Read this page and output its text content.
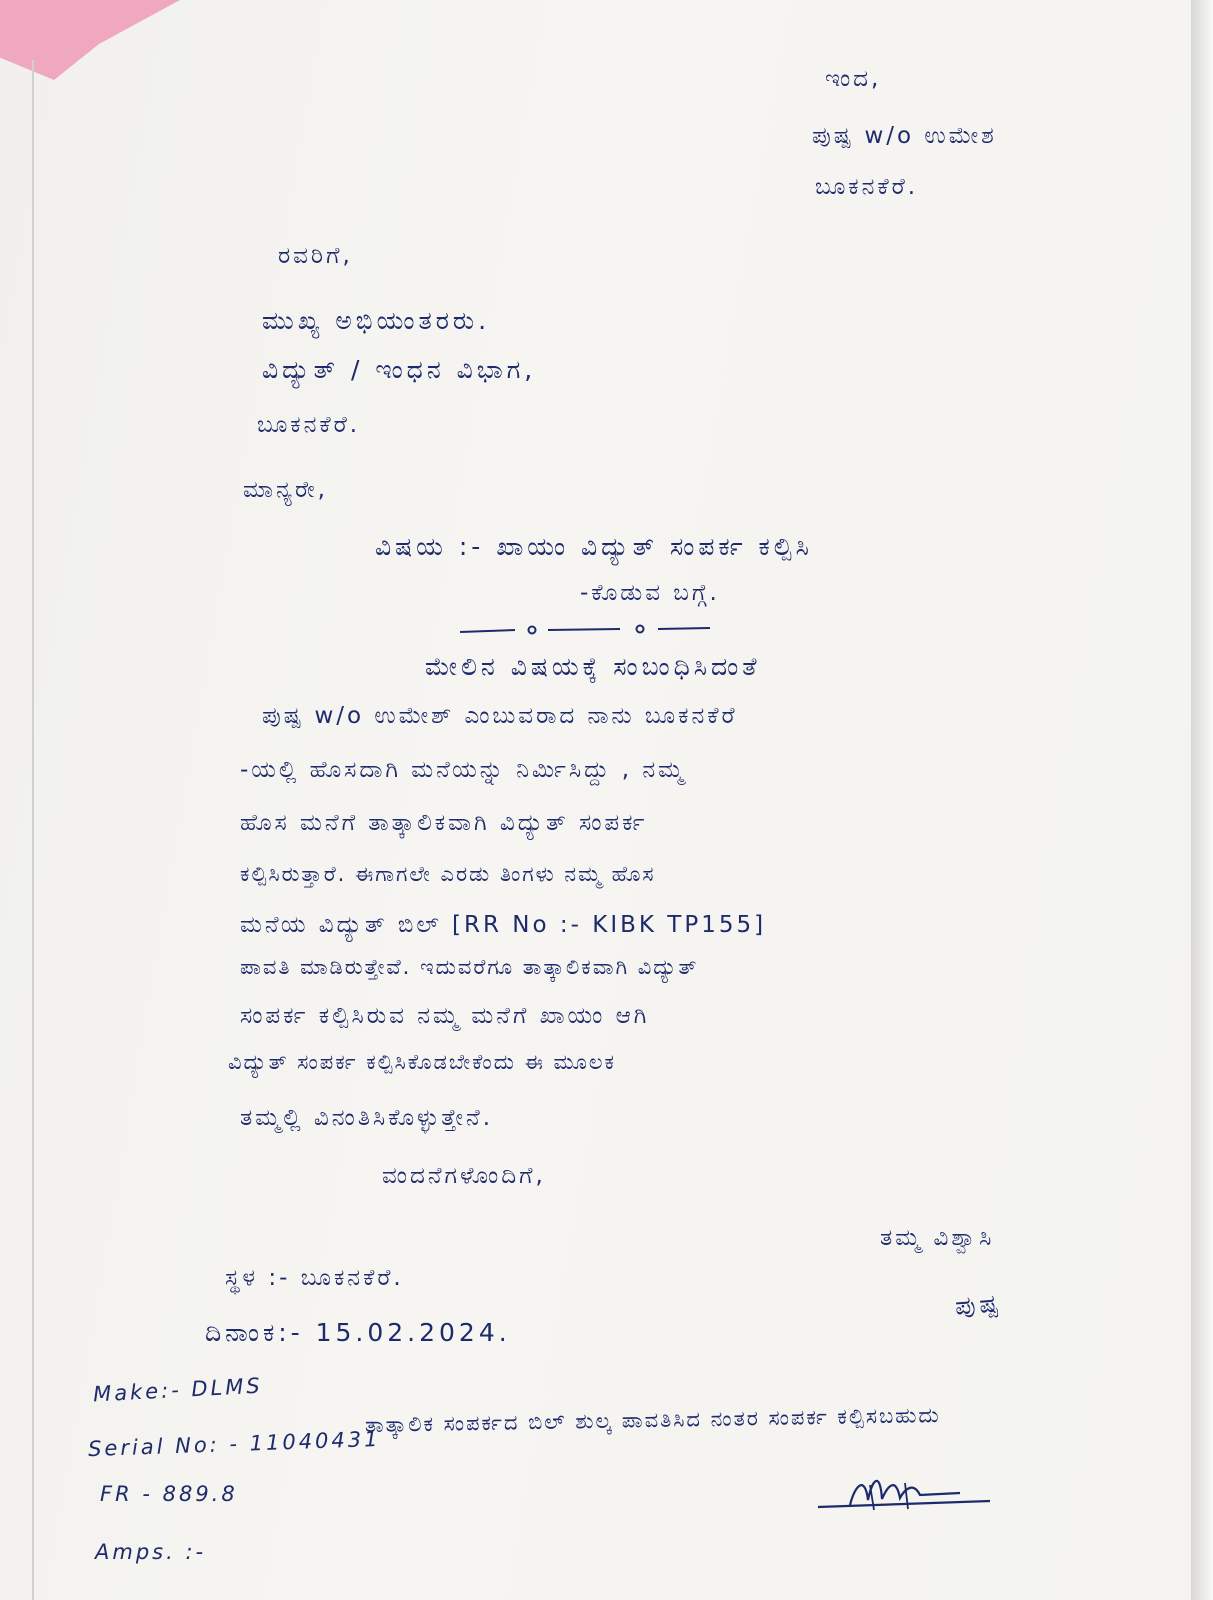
ಇಂದ,
ಪುಷ್ಪ w/o ಉಮೇಶ
ಬೂಕನಕೆರೆ.
ರವರಿಗೆ,
ಮುಖ್ಯ ಅಭಿಯಂತರರು.
ವಿದ್ಯುತ್ / ಇಂಧನ ವಿಭಾಗ,
ಬೂಕನಕೆರೆ.
ಮಾನ್ಯರೇ,
ವಿಷಯ :- ಖಾಯಂ ವಿದ್ಯುತ್ ಸಂಪರ್ಕ ಕಲ್ಪಿಸಿ
-ಕೊಡುವ ಬಗ್ಗೆ.
ಮೇಲಿನ ವಿಷಯಕ್ಕೆ ಸಂಬಂಧಿಸಿದಂತೆ
ಪುಷ್ಪ w/o ಉಮೇಶ್ ಎಂಬುವರಾದ ನಾನು ಬೂಕನಕೆರೆ
-ಯಲ್ಲಿ ಹೊಸದಾಗಿ ಮನೆಯನ್ನು ನಿರ್ಮಿಸಿದ್ದು , ನಮ್ಮ
ಹೊಸ ಮನೆಗೆ ತಾತ್ಕಾಲಿಕವಾಗಿ ವಿದ್ಯುತ್ ಸಂಪರ್ಕ
ಕಲ್ಪಿಸಿರುತ್ತಾರೆ. ಈಗಾಗಲೇ ಎರಡು ತಿಂಗಳು ನಮ್ಮ ಹೊಸ
ಮನೆಯ ವಿದ್ಯುತ್ ಬಿಲ್ [RR No :- KIBK TP155]
ಪಾವತಿ ಮಾಡಿರುತ್ತೇವೆ. ಇದುವರೆಗೂ ತಾತ್ಕಾಲಿಕವಾಗಿ ವಿದ್ಯುತ್
ಸಂಪರ್ಕ ಕಲ್ಪಿಸಿರುವ ನಮ್ಮ ಮನೆಗೆ ಖಾಯಂ ಆಗಿ
ವಿದ್ಯುತ್ ಸಂಪರ್ಕ ಕಲ್ಪಿಸಿಕೊಡಬೇಕೆಂದು ಈ ಮೂಲಕ
ತಮ್ಮಲ್ಲಿ ವಿನಂತಿಸಿಕೊಳ್ಳುತ್ತೇನೆ.
ವಂದನೆಗಳೊಂದಿಗೆ,
ತಮ್ಮ ವಿಶ್ವಾಸಿ
ಪುಷ್ಪ
ಸ್ಥಳ :- ಬೂಕನಕೆರೆ.
ದಿನಾಂಕ:- 15.02.2024.
Make:- DLMS
Serial No: - 11040431
FR - 889.8
Amps. :-
ತಾತ್ಕಾಲಿಕ ಸಂಪರ್ಕದ ಬಿಲ್ ಶುಲ್ಕ ಪಾವತಿಸಿದ ನಂತರ ಸಂಪರ್ಕ ಕಲ್ಪಿಸಬಹುದು
